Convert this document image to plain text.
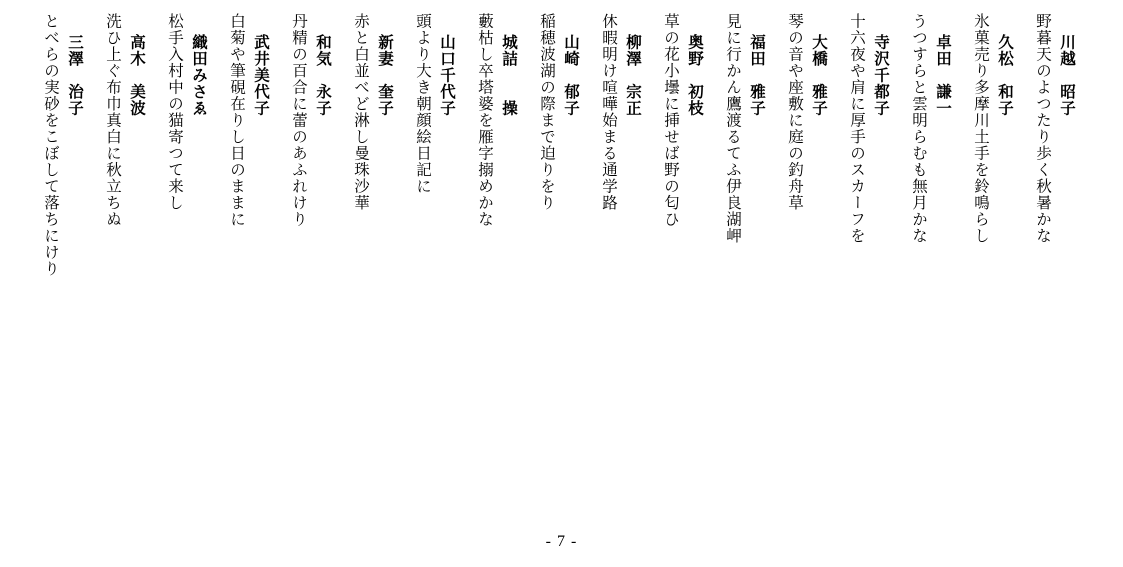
川越　昭子
野暮天のよつたり歩く秋暑かな
久松　和子
氷菓売り多摩川土手を鈴鳴らし
卓田　謙一
うつすらと雲明らむも無月かな
寺沢千都子
十六夜や肩に厚手のスカーフを
大橋　雅子
琴の音や座敷に庭の釣舟草
福田　雅子
見に行かん鷹渡るてふ伊良湖岬
奥野　初枝
草の花小壜に挿せば野の匂ひ
柳澤　宗正
休暇明け喧嘩始まる通学路
山崎　郁子
稲穂波湖の際まで迫りをり
城詰　　操
藪枯し卒塔婆を雁字搦めかな
山口千代子
頭より大き朝顔絵日記に
新妻　奎子
赤と白並べど淋し曼珠沙華
和気　永子
丹精の百合に蕾のあふれけり
武井美代子
白菊や筆硯在りし日のままに
織田みさゑ
松手入村中の猫寄つて来し
高木　美波
洗ひ上ぐ布巾真白に秋立ちぬ
三澤　治子
とべらの実砂をこぼして落ちにけり
- 7 -
